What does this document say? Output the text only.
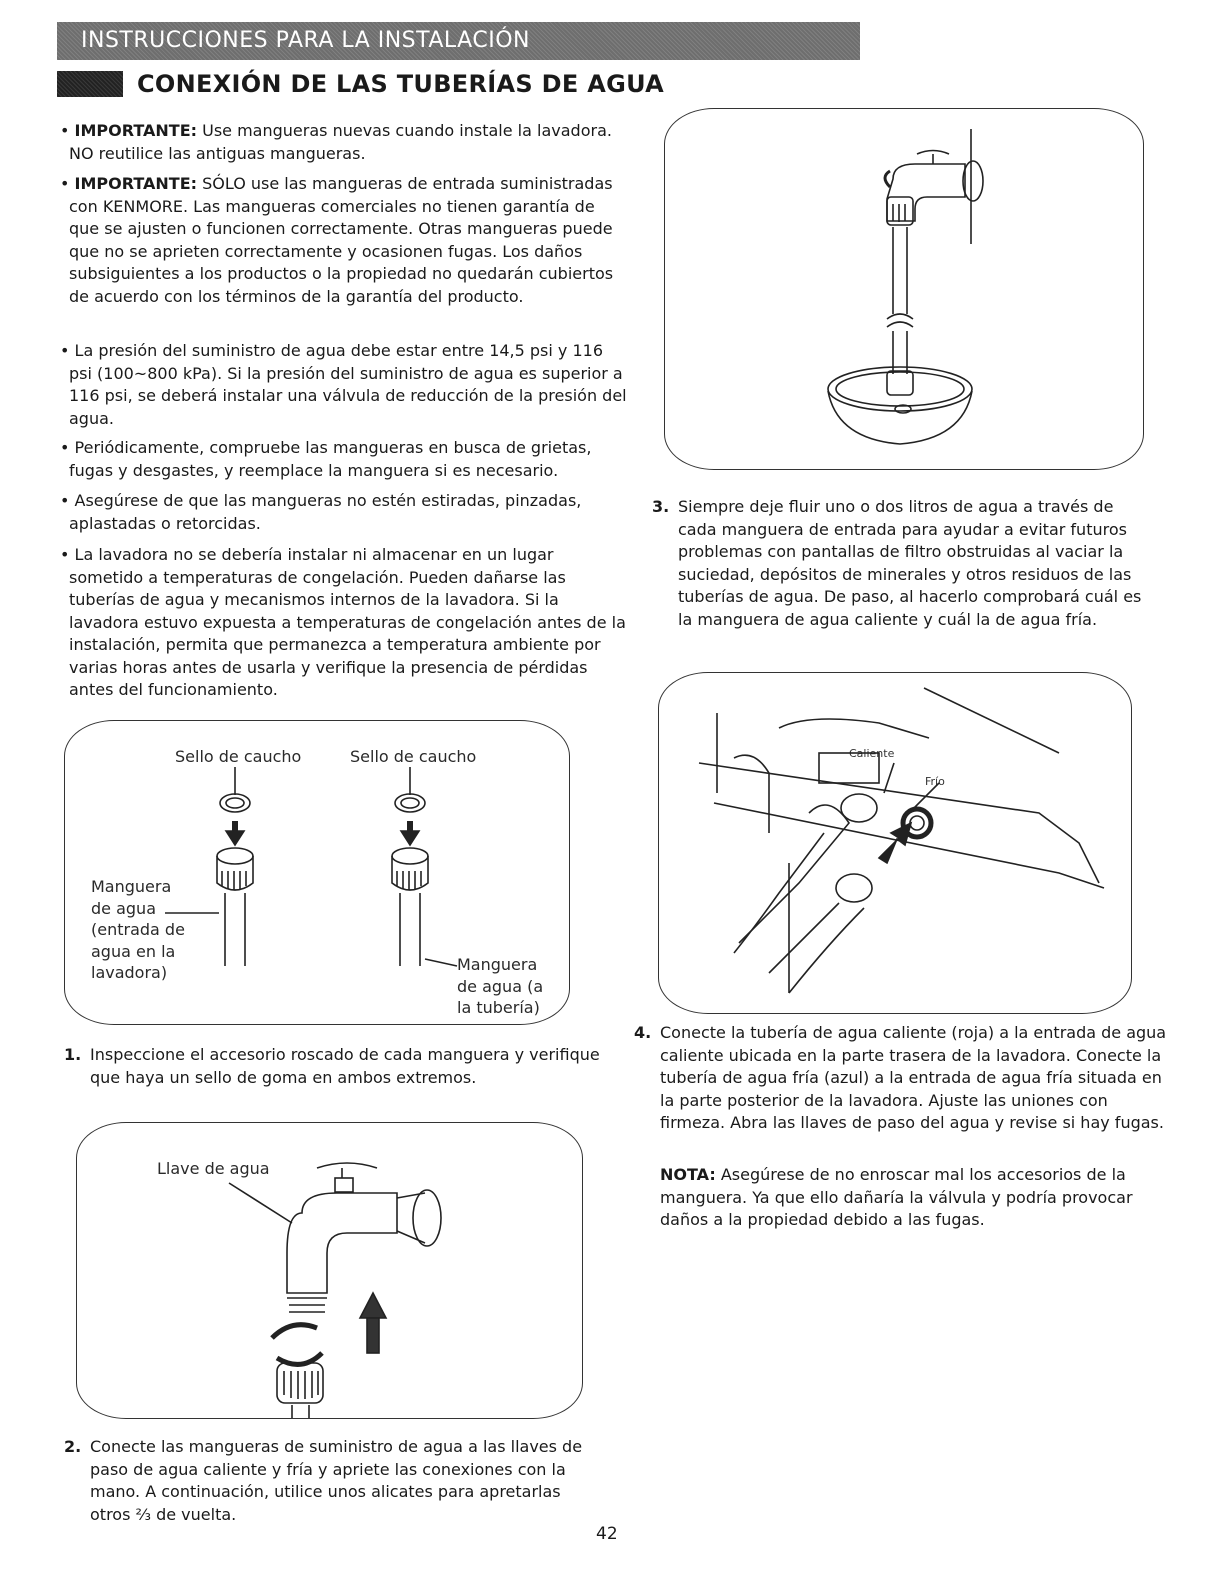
INSTRUCCIONES PARA LA INSTALACIÓN
CONEXIÓN DE LAS TUBERÍAS DE AGUA
• IMPORTANTE: Use mangueras nuevas cuando instale la lavadora. NO reutilice las antiguas mangueras.
• IMPORTANTE: SÓLO use las mangueras de entrada suministradas con KENMORE. Las mangueras comerciales no tienen garantía de que se ajusten o funcionen correctamente. Otras mangueras puede que no se aprieten correctamente y ocasionen fugas. Los daños subsiguientes a los productos o la propiedad no quedarán cubiertos de acuerdo con los términos de la garantía del producto.
• La presión del suministro de agua debe estar entre 14,5 psi y 116 psi (100~800 kPa). Si la presión del suministro de agua es superior a 116 psi, se deberá instalar una válvula de reducción de la presión del agua.
• Periódicamente, compruebe las mangueras en busca de grietas, fugas y desgastes, y reemplace la manguera si es necesario.
• Asegúrese de que las mangueras no estén estiradas, pinzadas, aplastadas o retorcidas.
• La lavadora no se debería instalar ni almacenar en un lugar sometido a temperaturas de congelación. Pueden dañarse las tuberías de agua y mecanismos internos de la lavadora. Si la lavadora estuvo expuesta a temperaturas de congelación antes de la instalación, permita que permanezca a temperatura ambiente por varias horas antes de usarla y verifique la presencia de pérdidas antes del funcionamiento.
Sello de caucho	Sello de caucho
Manguera
de agua
(entrada de
agua en la
lavadora)	Manguera
de agua (a
la tubería)
1. Inspeccione el accesorio roscado de cada manguera y verifique que haya un sello de goma en ambos extremos.
Llave de agua
2. Conecte las mangueras de suministro de agua a las llaves de paso de agua caliente y fría y apriete las conexiones con la mano. A continuación, utilice unos alicates para apretarlas otros ⅔ de vuelta.
3. Siempre deje fluir uno o dos litros de agua a través de cada manguera de entrada para ayudar a evitar futuros problemas con pantallas de filtro obstruidas al vaciar la suciedad, depósitos de minerales y otros residuos de las tuberías de agua. De paso, al hacerlo comprobará cuál es la manguera de agua caliente y cuál la de agua fría.
Caliente
Frío
4. Conecte la tubería de agua caliente (roja) a la entrada de agua caliente ubicada en la parte trasera de la lavadora. Conecte la tubería de agua fría (azul) a la entrada de agua fría situada en la parte posterior de la lavadora. Ajuste las uniones con firmeza. Abra las llaves de paso del agua y revise si hay fugas.
NOTA: Asegúrese de no enroscar mal los accesorios de la manguera. Ya que ello dañaría la válvula y podría provocar daños a la propiedad debido a las fugas.
42
